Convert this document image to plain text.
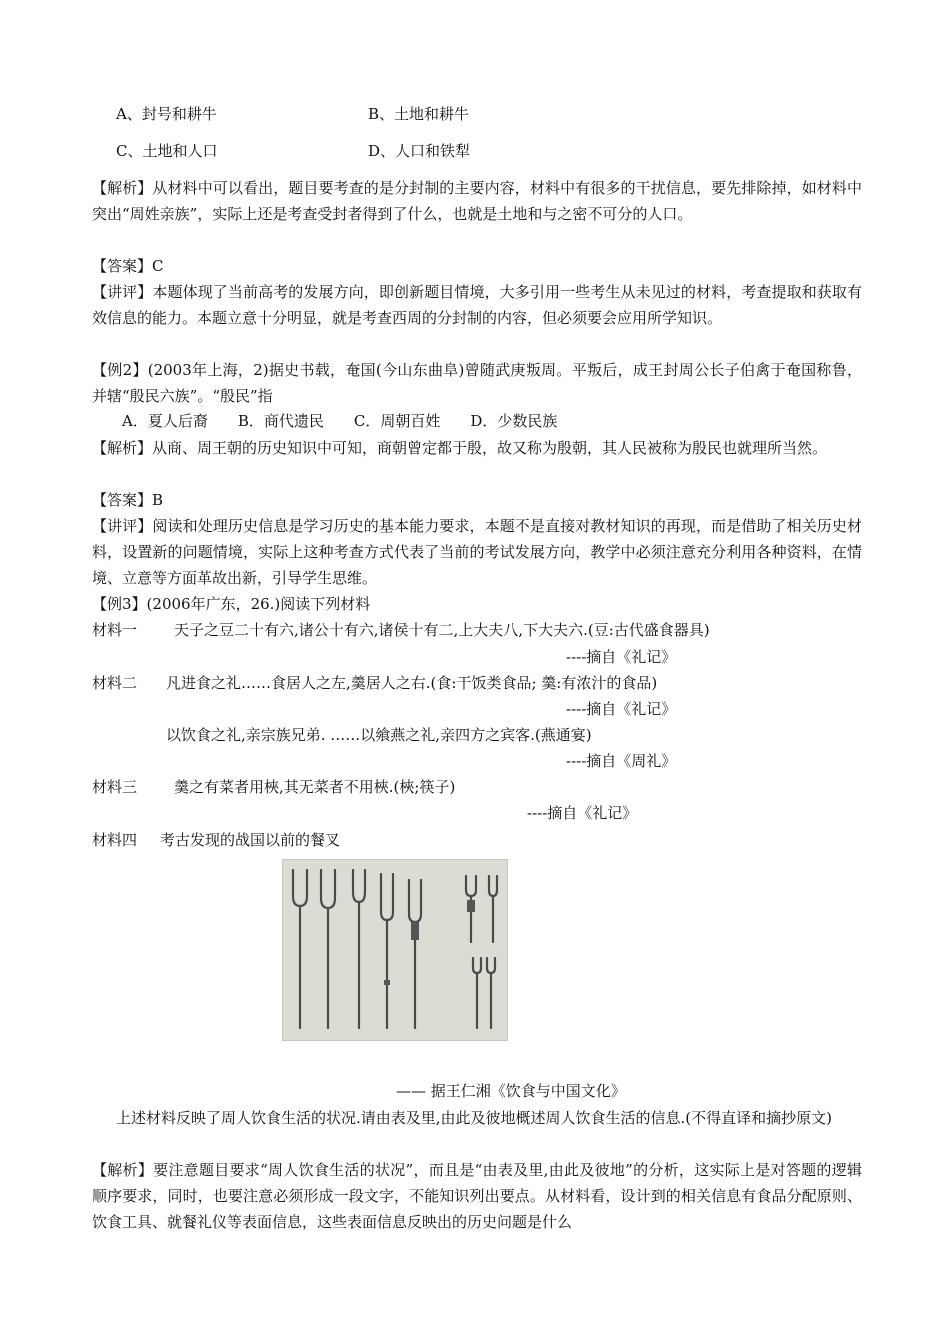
A、封号和耕牛	B、土地和耕牛
C、土地和人口	D、人口和铁犁
【解析】从材料中可以看出，题目要考查的是分封制的主要内容，材料中有很多的干扰信息，要先排除掉，如材料中突出“周姓亲族”，实际上还是考查受封者得到了什么，也就是土地和与之密不可分的人口。
【答案】C
【讲评】本题体现了当前高考的发展方向，即创新题目情境，大多引用一些考生从未见过的材料，考查提取和获取有效信息的能力。本题立意十分明显，就是考查西周的分封制的内容，但必须要会应用所学知识。
【例2】(2003年上海，2)据史书载，奄国(今山东曲阜)曾随武庚叛周。平叛后，成王封周公长子伯禽于奄国称鲁，并辖“殷民六族”。“殷民”指
A．夏人后裔　　B．商代遗民　　C．周朝百姓　　D．少数民族
【解析】从商、周王朝的历史知识中可知，商朝曾定都于殷，故又称为殷朝，其人民被称为殷民也就理所当然。
【答案】B
【讲评】阅读和处理历史信息是学习历史的基本能力要求，本题不是直接对教材知识的再现，而是借助了相关历史材料，设置新的问题情境，实际上这种考查方式代表了当前的考试发展方向，教学中必须注意充分利用各种资料，在情境、立意等方面革故出新，引导学生思维。
【例3】(2006年广东，26.)阅读下列材料
材料一 天子之豆二十有六,诸公十有六,诸侯十有二,上大夫八,下大夫六.(豆:古代盛食器具)
----摘自《礼记》
材料二 凡进食之礼……食居人之左,羹居人之右.(食:干饭类食品; 羹:有浓汁的食品)
----摘自《礼记》
以饮食之礼,亲宗族兄弟. ……以飨燕之礼,亲四方之宾客.(燕通宴)
----摘自《周礼》
材料三 羹之有菜者用梜,其无菜者不用梜.(梜;筷子)
----摘自《礼记》
材料四 考古发现的战国以前的餐叉
—— 据王仁湘《饮食与中国文化》
上述材料反映了周人饮食生活的状况.请由表及里,由此及彼地概述周人饮食生活的信息.(不得直译和摘抄原文)
【解析】要注意题目要求“周人饮食生活的状况”，而且是“由表及里,由此及彼地”的分析，这实际上是对答题的逻辑顺序要求，同时，也要注意必须形成一段文字，不能知识列出要点。从材料看，设计到的相关信息有食品分配原则、饮食工具、就餐礼仪等表面信息，这些表面信息反映出的历史问题是什么
